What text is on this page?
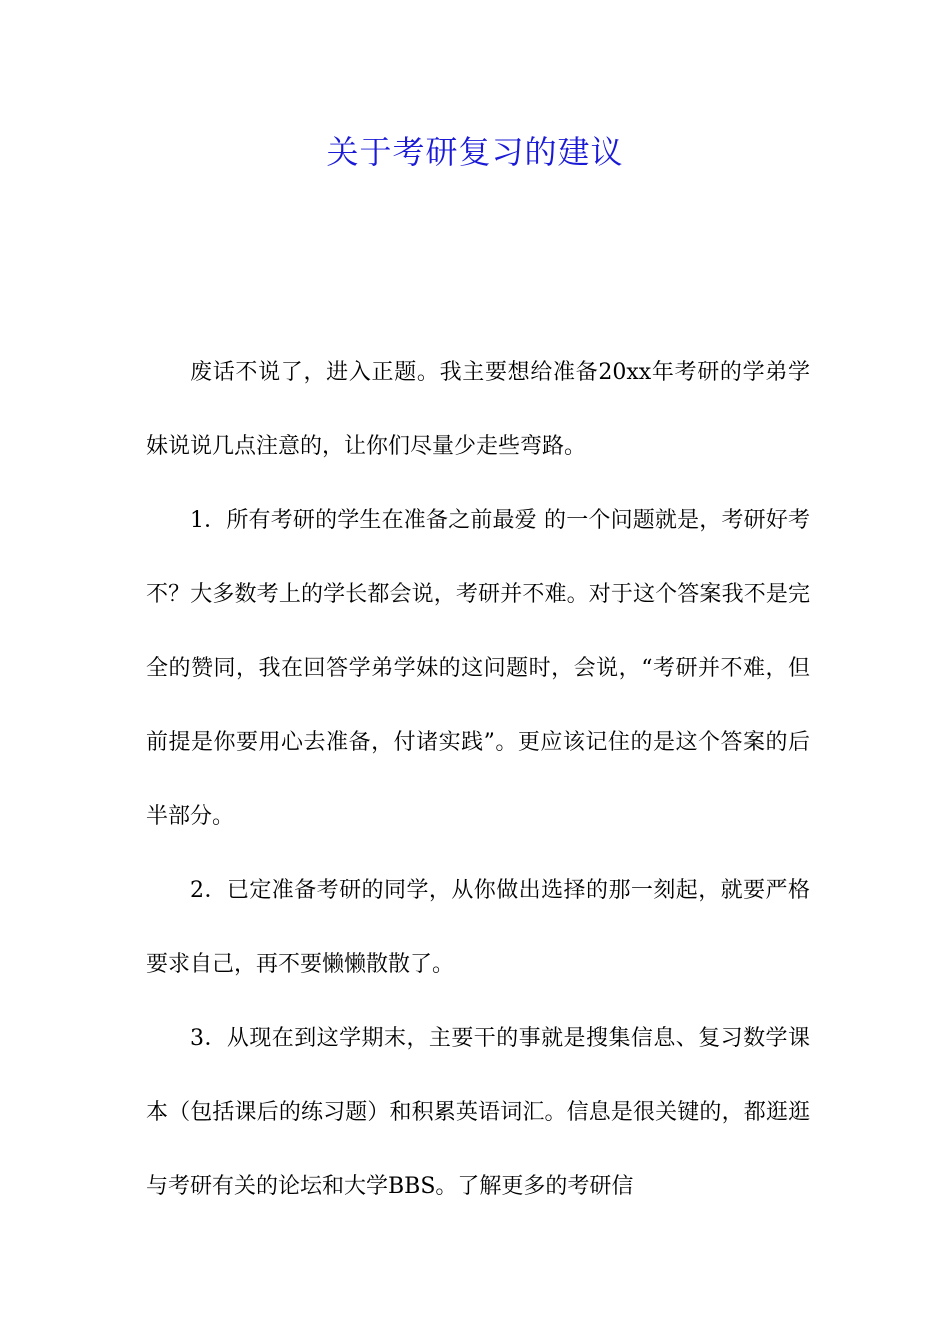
关于考研复习的建议

废话不说了，进入正题。我主要想给准备20xx年考研的学弟学妹说说几点注意的，让你们尽量少走些弯路。

1．所有考研的学生在准备之前最爱 的一个问题就是，考研好考不？大多数考上的学长都会说，考研并不难。对于这个答案我不是完全的赞同，我在回答学弟学妹的这问题时，会说，“考研并不难，但前提是你要用心去准备，付诸实践”。更应该记住的是这个答案的后半部分。

2．已定准备考研的同学，从你做出选择的那一刻起，就要严格要求自己，再不要懒懒散散了。

3．从现在到这学期末，主要干的事就是搜集信息、复习数学课本（包括课后的练习题）和积累英语词汇。信息是很关键的，都逛逛与考研有关的论坛和大学BBS。了解更多的考研信
